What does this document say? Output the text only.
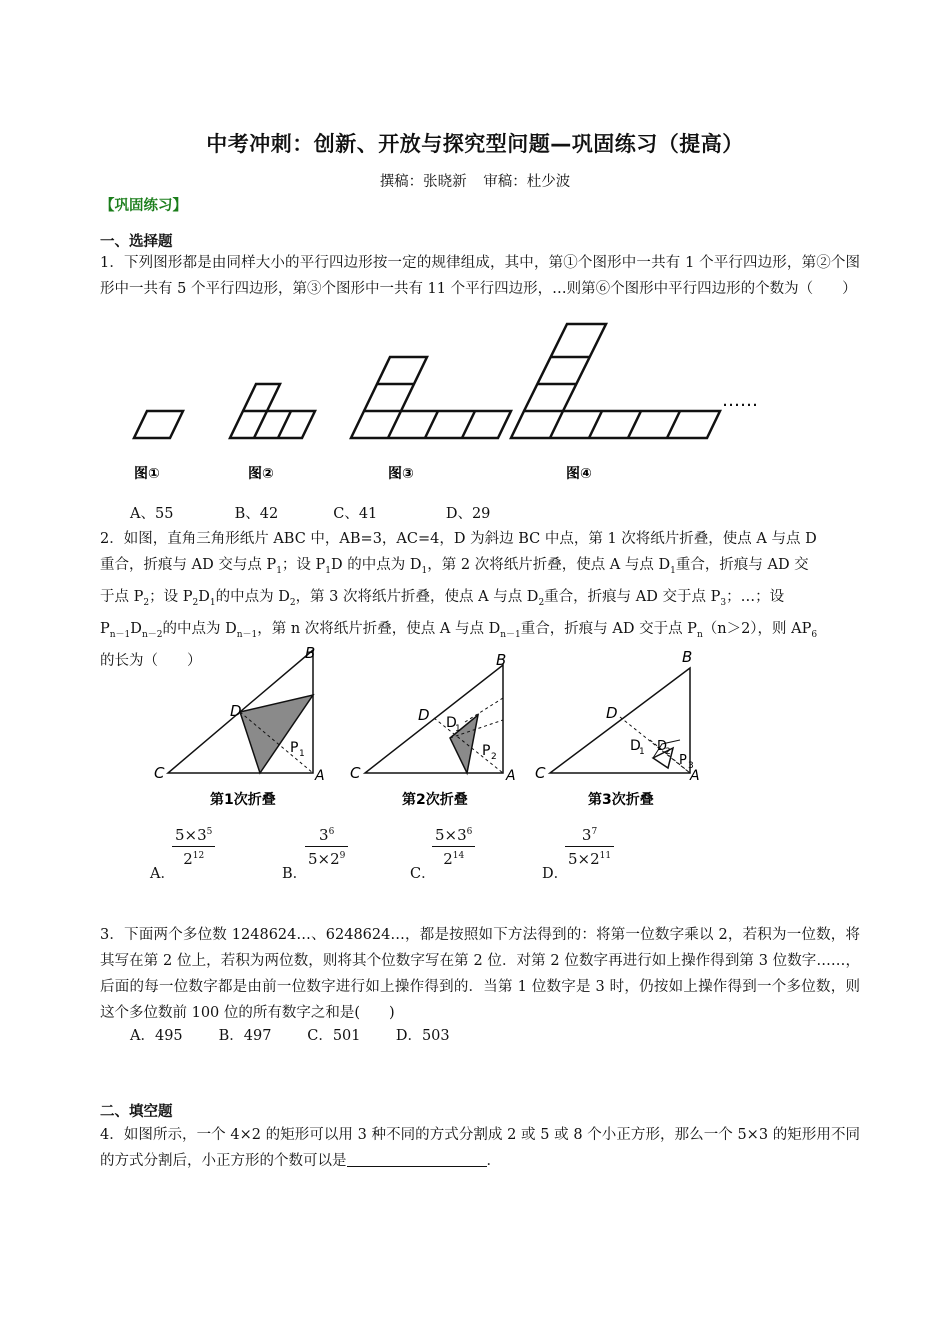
中考冲刺：创新、开放与探究型问题—巩固练习（提高）
撰稿：张晓新 审稿：杜少波
【巩固练习】
一、选择题
1．下列图形都是由同样大小的平行四边形按一定的规律组成，其中，第①个图形中一共有 1 个平行四边形，第②个图形中一共有 5 个平行四边形，第③个图形中一共有 11 个平行四边形，…则第⑥个图形中平行四边形的个数为（　　）
……
图①	图②	图③	图④
A、55	B、42	C、41	D、29
2．如图，直角三角形纸片 ABC 中，AB=3，AC=4，D 为斜边 BC 中点，第 1 次将纸片折叠，使点 A 与点 D
重合，折痕与 AD 交与点 $P_1$；设 $P_1D$ 的中点为 $D_1$，第 2 次将纸片折叠，使点 A 与点 $D_1$重合，折痕与 AD 交
于点 $P_2$；设 $P_2D_1$的中点为 $D_2$，第 3 次将纸片折叠，使点 A 与点 $D_2$重合，折痕与 AD 交于点 $P_3$；…；设
$P_{n-1}D_{n-2}$的中点为 $D_{n-1}$，第 n 次将纸片折叠，使点 A 与点 $D_{n-1}$重合，折痕与 AD 交于点 $P_n(n>2)$，则 $AP_6$
的长为（　　）
C
B
D
P 1
A
第1次折叠
C
B
D D
1
P 2
A
第2次折叠
C
B
D
D
1 D
2
P 3
A
第3次折叠
A．
$\frac{5\times 3^5}{2^{12}}$
B．
$\frac{3^6}{5\times 2^9}$
C．
$\frac{5\times 3^6}{2^{14}}$
D．
$\frac{3^7}{5\times 2^{11}}$
3．下面两个多位数 1248624…、6248624…，都是按照如下方法得到的：将第一位数字乘以 2，若积为一位数，将其写在第 2 位上，若积为两位数，则将其个位数字写在第 2 位．对第 2 位数字再进行如上操作得到第 3 位数字……，后面的每一位数字都是由前一位数字进行如上操作得到的．当第 1 位数字是 3 时，仍按如上操作得到一个多位数，则这个多位数前 100 位的所有数字之和是(　　)
A．495 B．497 C．501 D．503
二、填空题
4．如图所示，一个 4×2 的矩形可以用 3 种不同的方式分割成 2 或 5 或 8 个小正方形，那么一个 5×3 的矩形用不同的方式分割后，小正方形的个数可以是	．
